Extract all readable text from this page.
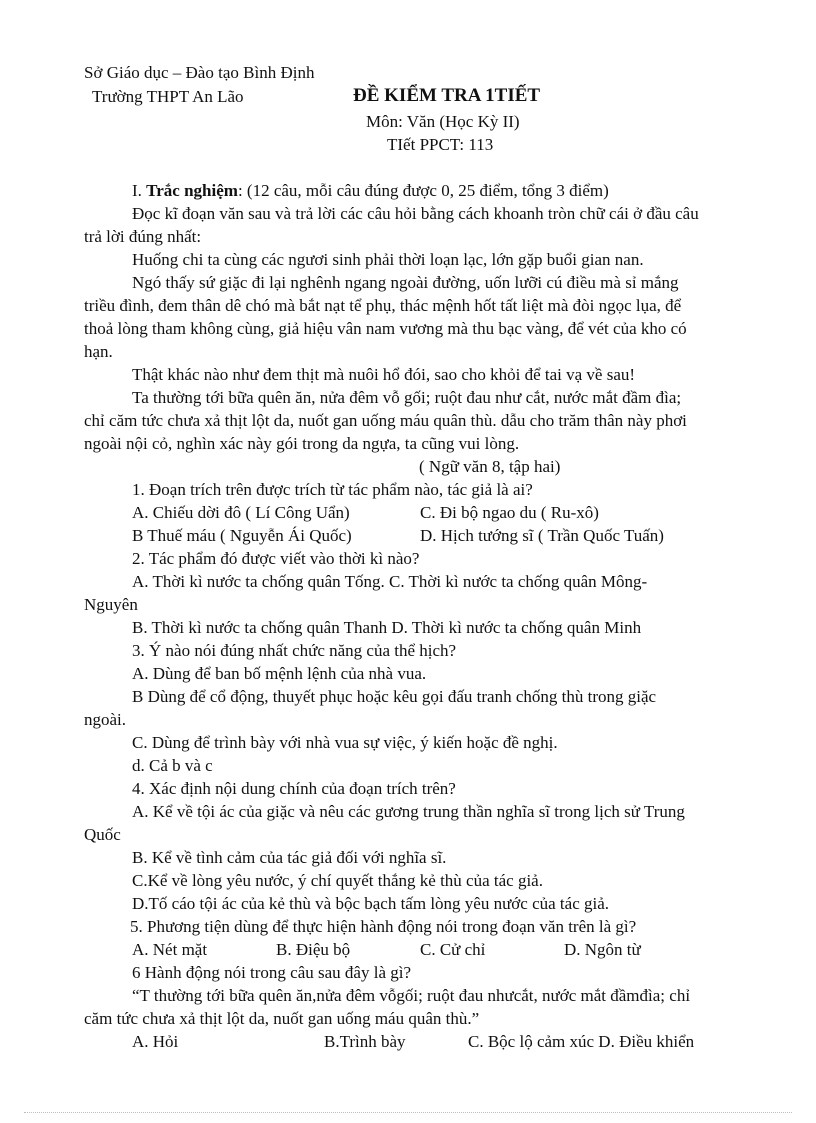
Sở Giáo dục – Đào tạo Bình Định
Trường THPT An Lão	ĐỀ KIỂM TRA 1TIẾT
Môn: Văn (Học Kỳ II)
TIết PPCT: 113
I. Trắc nghiệm: (12 câu, mỗi câu đúng được 0, 25 điểm, tổng 3 điểm)
Đọc kĩ đoạn văn sau và trả lời các câu hỏi bằng cách khoanh tròn chữ cái ở đầu câu
trả lời đúng nhất:
Huống chi ta cùng các ngươi sinh phải thời loạn lạc, lớn gặp buổi gian nan.
Ngó thấy sứ giặc đi lại nghênh ngang ngoài đường, uốn lưỡi cú điều mà sỉ mắng
triều đình, đem thân dê chó mà bắt nạt tể phụ, thác mệnh hốt tất liệt mà đòi ngọc lụa, để
thoả lòng tham không cùng, giả hiệu vân nam vương mà thu bạc vàng, để vét của kho có
hạn.
Thật khác nào như đem thịt mà nuôi hổ đói, sao cho khỏi để tai vạ về sau!
Ta thường tới bữa quên ăn, nửa đêm vỗ gối; ruột đau như cắt, nước mắt đầm đìa;
chỉ căm tức chưa xả thịt lột da, nuốt gan uống máu quân thù. dẫu cho trăm thân này phơi
ngoài nội cỏ, nghìn xác này gói trong da ngựa, ta cũng vui lòng.
( Ngữ văn 8, tập hai)
1. Đoạn trích trên được trích từ tác phẩm nào, tác giả là ai?
A. Chiếu dời đô ( Lí Công Uẩn)	C. Đi bộ ngao du ( Ru-xô)
B Thuế máu ( Nguyễn Ái Quốc)	D. Hịch tướng sĩ ( Trần Quốc Tuấn)
2. Tác phẩm đó được viết vào thời kì nào?
A. Thời kì nước ta chống quân Tống. C. Thời kì nước ta chống quân Mông-
Nguyên
B. Thời kì nước ta chống quân Thanh D. Thời kì nước ta chống quân Minh
3. Ý nào nói đúng nhất chức năng của thể hịch?
A. Dùng để ban bố mệnh lệnh của nhà vua.
B Dùng để cổ động, thuyết phục hoặc kêu gọi đấu tranh chống thù trong giặc
ngoài.
C. Dùng để trình bày với nhà vua sự việc, ý kiến hoặc đề nghị.
d. Cả b và c
4. Xác định nội dung chính của đoạn trích trên?
A. Kể về tội ác của giặc và nêu các gương trung thần nghĩa sĩ trong lịch sử Trung
Quốc
B. Kể về tình cảm của tác giả đối với nghĩa sĩ.
C.Kể về lòng yêu nước, ý chí quyết thắng kẻ thù của tác giả.
D.Tố cáo tội ác của kẻ thù và bộc bạch tấm lòng yêu nước của tác giả.
5. Phương tiện dùng để thực hiện hành động nói trong đoạn văn trên là gì?
A. Nét mặt	B. Điệu bộ	C. Cử chỉ	D. Ngôn từ
6 Hành động nói trong câu sau đây là gì?
“T thường tới bữa quên ăn,nửa đêm vỗgối; ruột đau nhưcắt, nước mắt đầmđìa; chỉ
căm tức chưa xả thịt lột da, nuốt gan uống máu quân thù.”
A. Hỏi	B.Trình bày	C. Bộc lộ cảm xúc D. Điều khiển
